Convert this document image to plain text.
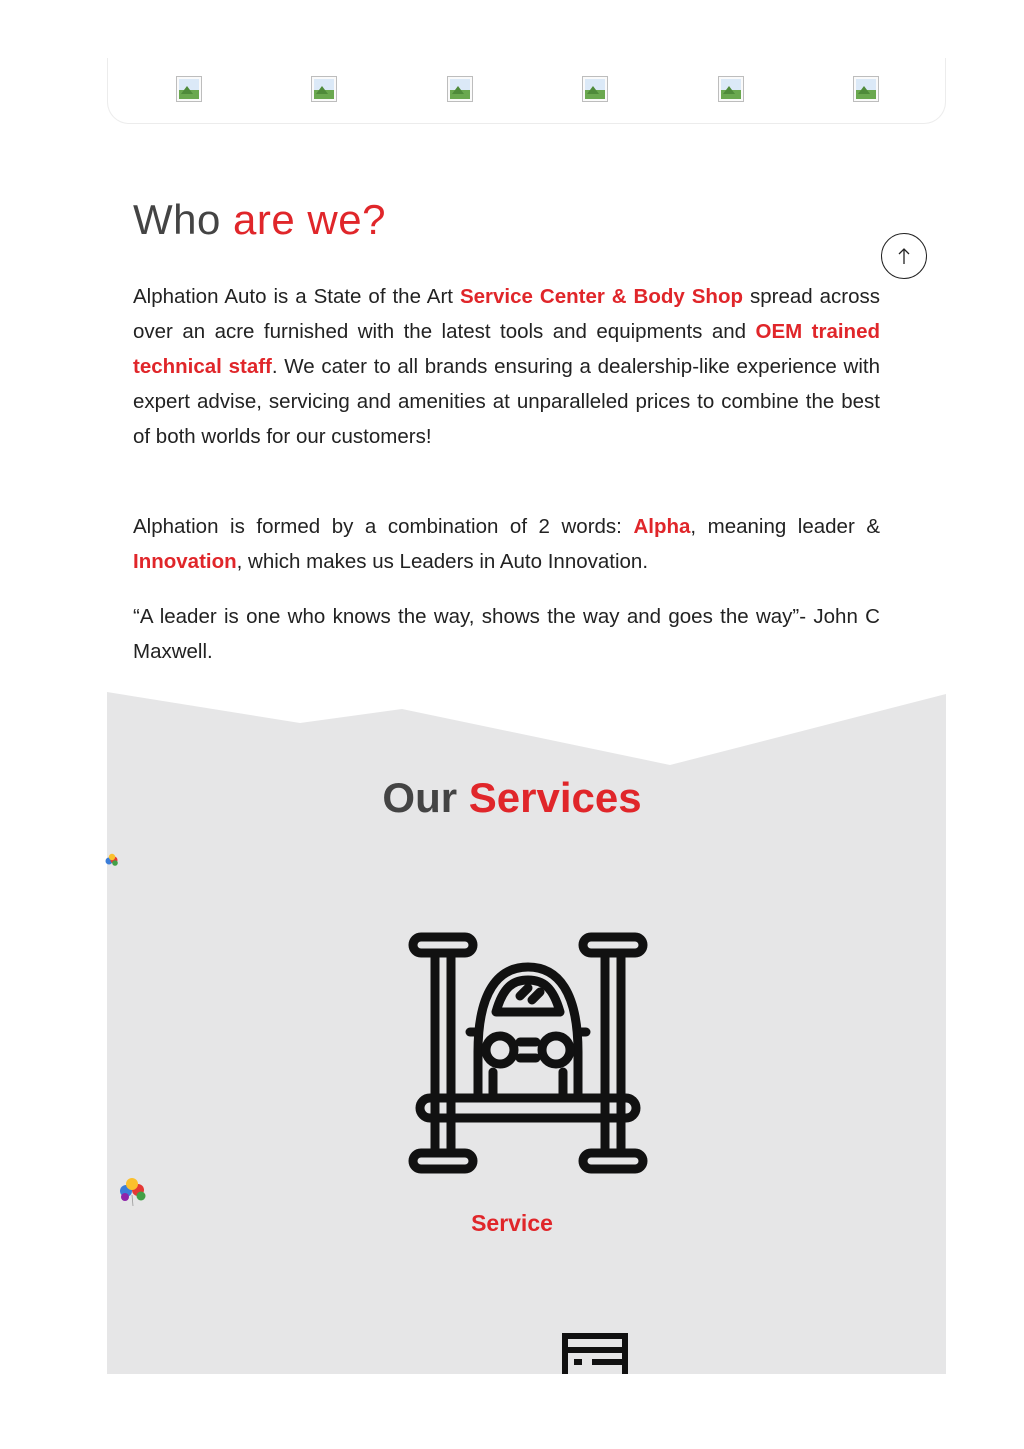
Who are we?

Alphation Auto is a State of the Art Service Center & Body Shop spread across over an acre furnished with the latest tools and equipments and OEM trained technical staff. We cater to all brands ensuring a dealership-like experience with expert advise, servicing and amenities at unparalleled prices to combine the best of both worlds for our customers!

Alphation is formed by a combination of 2 words: Alpha, meaning leader & Innovation, which makes us Leaders in Auto Innovation.

“A leader is one who knows the way, shows the way and goes the way”- John C Maxwell.

Our Services
Service
